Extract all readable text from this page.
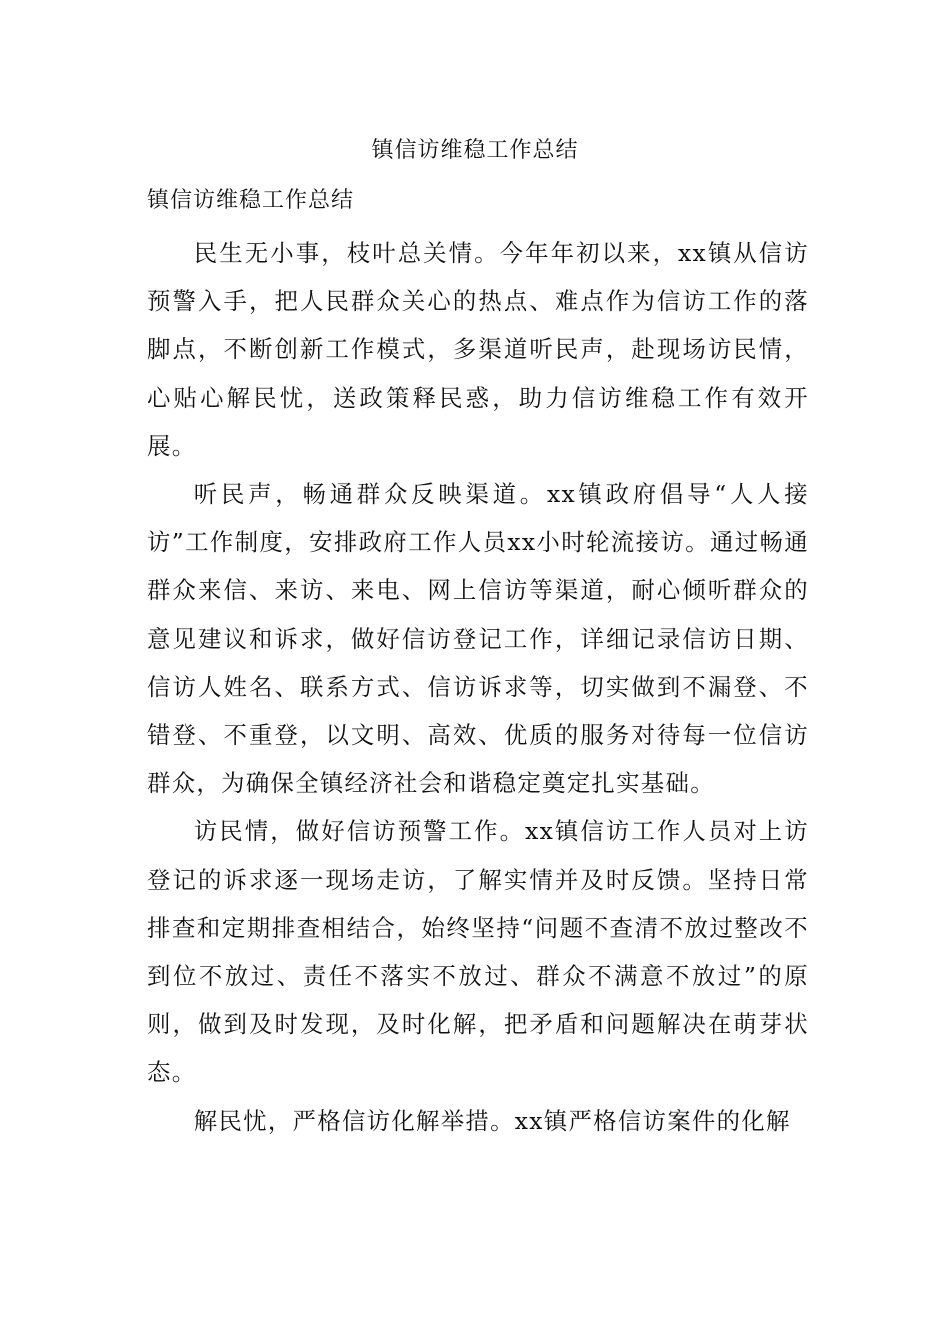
镇信访维稳工作总结
镇信访维稳工作总结

民生无小事，枝叶总关情。今年年初以来，xx镇从信访预警入手，把人民群众关心的热点、难点作为信访工作的落脚点，不断创新工作模式，多渠道听民声，赴现场访民情，心贴心解民忧，送政策释民惑，助力信访维稳工作有效开展。

听民声，畅通群众反映渠道。xx镇政府倡导“人人接访”工作制度，安排政府工作人员xx小时轮流接访。通过畅通群众来信、来访、来电、网上信访等渠道，耐心倾听群众的意见建议和诉求，做好信访登记工作，详细记录信访日期、信访人姓名、联系方式、信访诉求等，切实做到不漏登、不错登、不重登，以文明、高效、优质的服务对待每一位信访群众，为确保全镇经济社会和谐稳定奠定扎实基础。

访民情，做好信访预警工作。xx镇信访工作人员对上访登记的诉求逐一现场走访，了解实情并及时反馈。坚持日常排查和定期排查相结合，始终坚持“问题不查清不放过整改不到位不放过、责任不落实不放过、群众不满意不放过”的原则，做到及时发现，及时化解，把矛盾和问题解决在萌芽状态。

解民忧，严格信访化解举措。xx镇严格信访案件的化解
